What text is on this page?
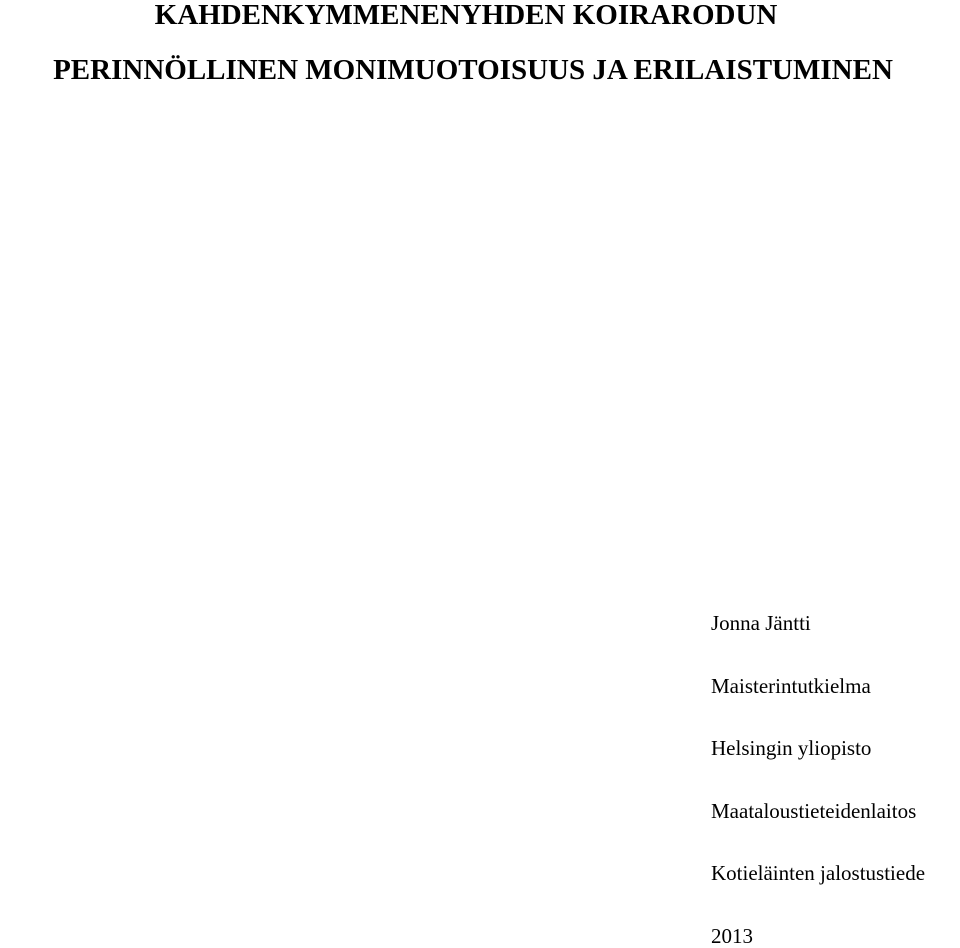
KAHDENKYMMENENYHDEN KOIRARODUN
PERINNÖLLINEN MONIMUOTOISUUS JA ERILAISTUMINEN
Jonna Jäntti
Maisterintutkielma
Helsingin yliopisto
Maataloustieteidenlaitos
Kotieläinten jalostustiede
2013
